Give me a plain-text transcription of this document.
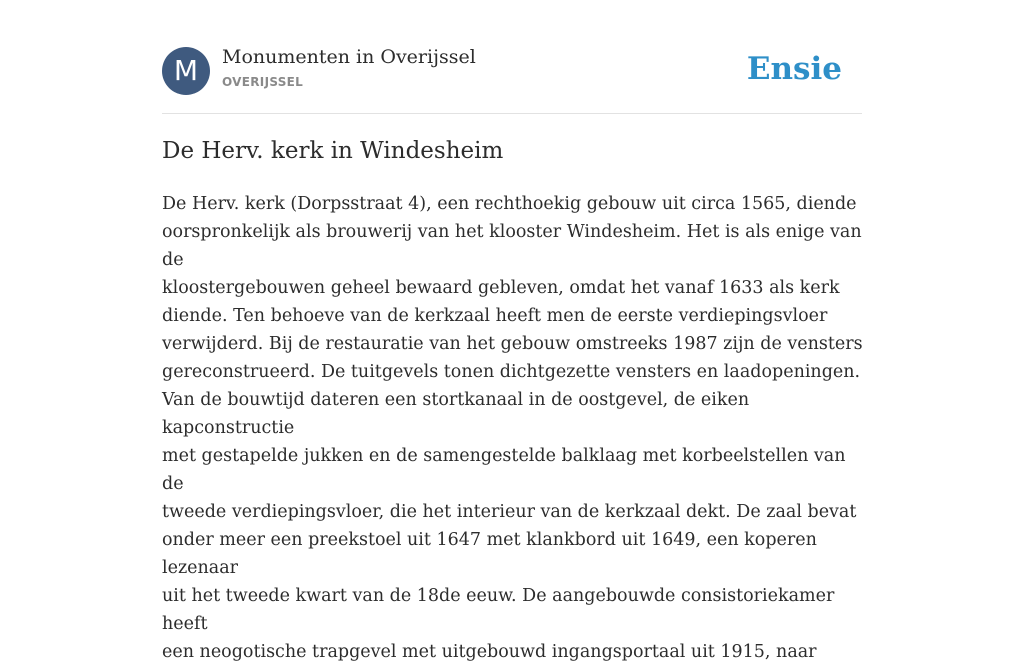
M	Monumenten in Overijssel
OVERIJSSEL	Ensie
De Herv. kerk in Windesheim

De Herv. kerk (Dorpsstraat 4), een rechthoekig gebouw uit circa 1565, diende
oorspronkelijk als brouwerij van het klooster Windesheim. Het is als enige van de
kloostergebouwen geheel bewaard gebleven, omdat het vanaf 1633 als kerk
diende. Ten behoeve van de kerkzaal heeft men de eerste verdiepingsvloer
verwijderd. Bij de restauratie van het gebouw omstreeks 1987 zijn de vensters
gereconstrueerd. De tuitgevels tonen dichtgezette vensters en laadopeningen.
Van de bouwtijd dateren een stortkanaal in de oostgevel, de eiken kapconstructie
met gestapelde jukken en de samengestelde balklaag met korbeelstellen van de
tweede verdiepingsvloer, die het interieur van de kerkzaal dekt. De zaal bevat
onder meer een preekstoel uit 1647 met klankbord uit 1649, een koperen lezenaar
uit het tweede kwart van de 18de eeuw. De aangebouwde consistoriekamer heeft
een neogotische trapgevel met uitgebouwd ingangsportaal uit 1915, naar
